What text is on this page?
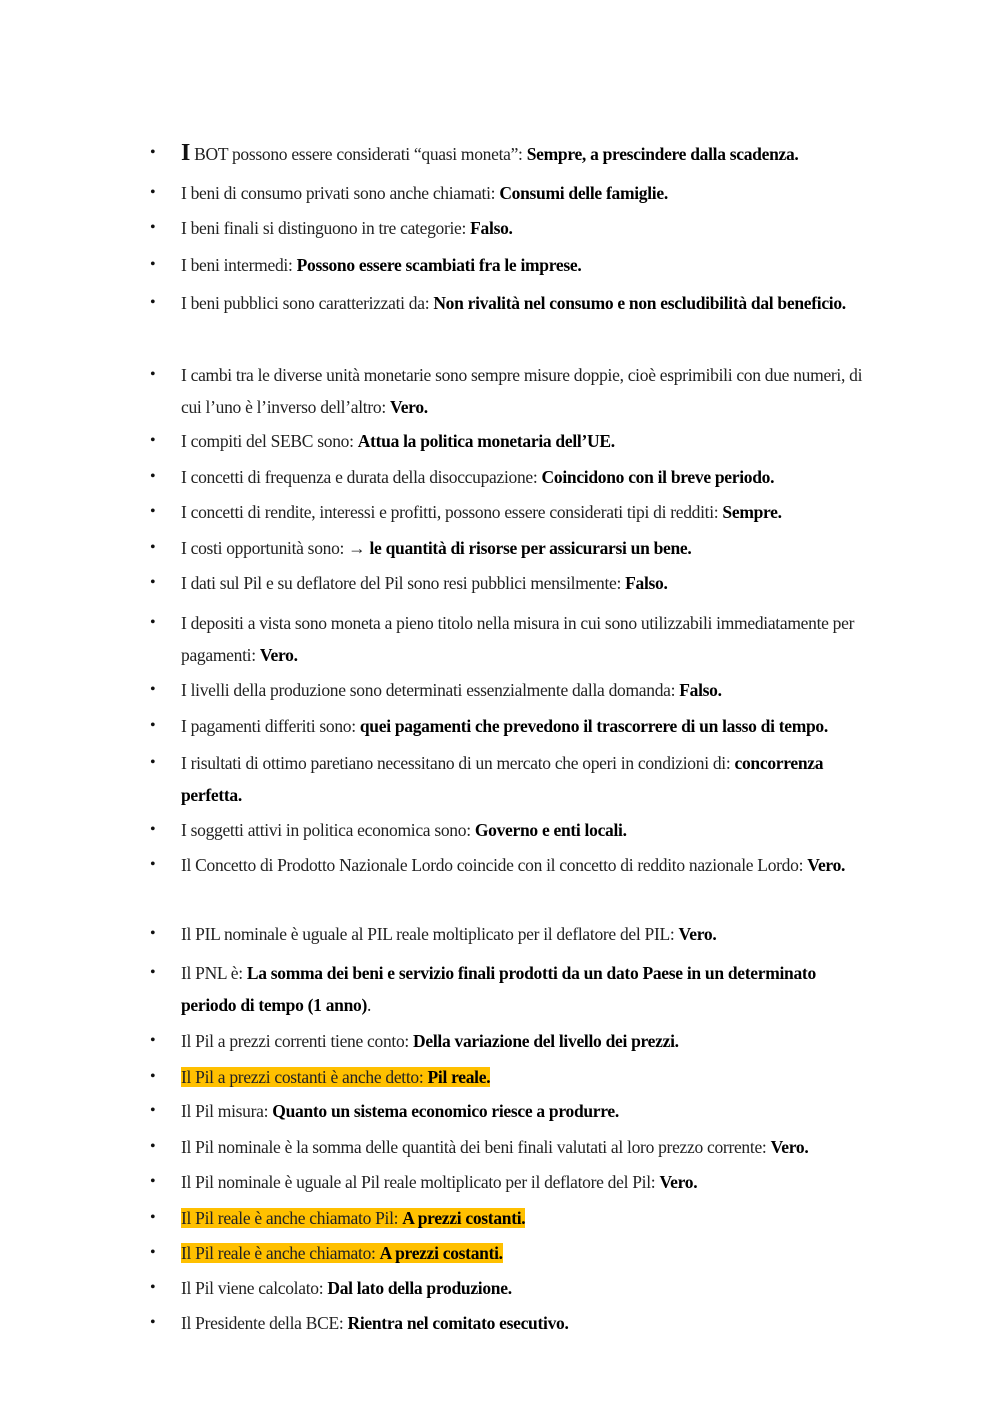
• I BOT possono essere considerati “quasi moneta”: Sempre, a prescindere dalla scadenza.
•	I beni di consumo privati sono anche chiamati: Consumi delle famiglie.
•	I beni finali si distinguono in tre categorie: Falso.
•	I beni intermedi: Possono essere scambiati fra le imprese.
•	I beni pubblici sono caratterizzati da: Non rivalità nel consumo e non escludibilità dal beneficio.
•	I cambi tra le diverse unità monetarie sono sempre misure doppie, cioè esprimibili con due numeri, di cui l’uno è l’inverso dell’altro: Vero.
•	I compiti del SEBC sono: Attua la politica monetaria dell’UE.
•	I concetti di frequenza e durata della disoccupazione: Coincidono con il breve periodo.
•	I concetti di rendite, interessi e profitti, possono essere considerati tipi di redditi: Sempre.
•	I costi opportunità sono: → le quantità di risorse per assicurarsi un bene.
•	I dati sul Pil e su deflatore del Pil sono resi pubblici mensilmente: Falso.
•	I depositi a vista sono moneta a pieno titolo nella misura in cui sono utilizzabili immediatamente per pagamenti: Vero.
•	I livelli della produzione sono determinati essenzialmente dalla domanda: Falso.
•	I pagamenti differiti sono: quei pagamenti che prevedono il trascorrere di un lasso di tempo.
•	I risultati di ottimo paretiano necessitano di un mercato che operi in condizioni di: concorrenza perfetta.
•	I soggetti attivi in politica economica sono: Governo e enti locali.
•	Il Concetto di Prodotto Nazionale Lordo coincide con il concetto di reddito nazionale Lordo: Vero.
•	Il PIL nominale è uguale al PIL reale moltiplicato per il deflatore del PIL: Vero.
•	Il PNL è: La somma dei beni e servizio finali prodotti da un dato Paese in un determinato periodo di tempo (1 anno).
•	Il Pil a prezzi correnti tiene conto: Della variazione del livello dei prezzi.
•	Il Pil a prezzi costanti è anche detto: Pil reale.
•	Il Pil misura: Quanto un sistema economico riesce a produrre.
•	Il Pil nominale è la somma delle quantità dei beni finali valutati al loro prezzo corrente: Vero.
•	Il Pil nominale è uguale al Pil reale moltiplicato per il deflatore del Pil: Vero.
•	Il Pil reale è anche chiamato Pil: A prezzi costanti.
•	Il Pil reale è anche chiamato: A prezzi costanti.
•	Il Pil viene calcolato: Dal lato della produzione.
•	Il Presidente della BCE: Rientra nel comitato esecutivo.
